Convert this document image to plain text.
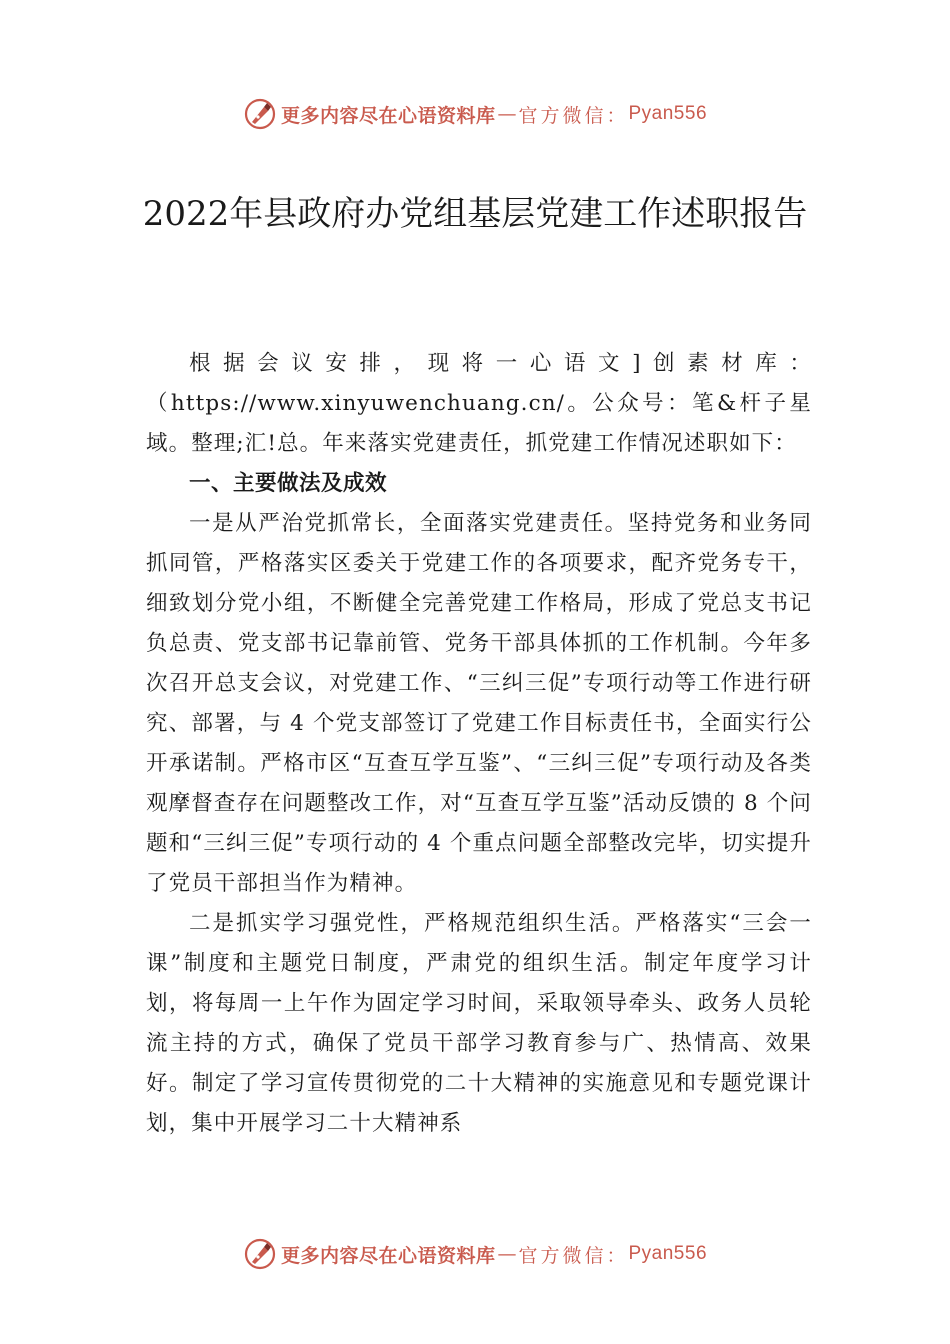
更多内容尽在心语资料库 — 官方微信： Pyan556
2022年县政府办党组基层党建工作述职报告

根据会议安排，现将一心语文]创素材库：（https://www.xinyuwenchuang.cn/。公众号：笔&杆子星域。整理;汇!总。年来落实党建责任，抓党建工作情况述职如下：

一、主要做法及成效

一是从严治党抓常长，全面落实党建责任。坚持党务和业务同抓同管，严格落实区委关于党建工作的各项要求，配齐党务专干，细致划分党小组，不断健全完善党建工作格局，形成了党总支书记负总责、党支部书记靠前管、党务干部具体抓的工作机制。今年多次召开总支会议，对党建工作、“三纠三促”专项行动等工作进行研究、部署，与 4 个党支部签订了党建工作目标责任书，全面实行公开承诺制。严格市区“互查互学互鉴”、“三纠三促”专项行动及各类观摩督查存在问题整改工作，对“互查互学互鉴”活动反馈的 8 个问题和“三纠三促”专项行动的 4 个重点问题全部整改完毕，切实提升了党员干部担当作为精神。

二是抓实学习强党性，严格规范组织生活。严格落实“三会一课”制度和主题党日制度，严肃党的组织生活。制定年度学习计划，将每周一上午作为固定学习时间，采取领导牵头、政务人员轮流主持的方式，确保了党员干部学习教育参与广、热情高、效果好。制定了学习宣传贯彻党的二十大精神的实施意见和专题党课计划，集中开展学习二十大精神系

更多内容尽在心语资料库 — 官方微信： Pyan556
